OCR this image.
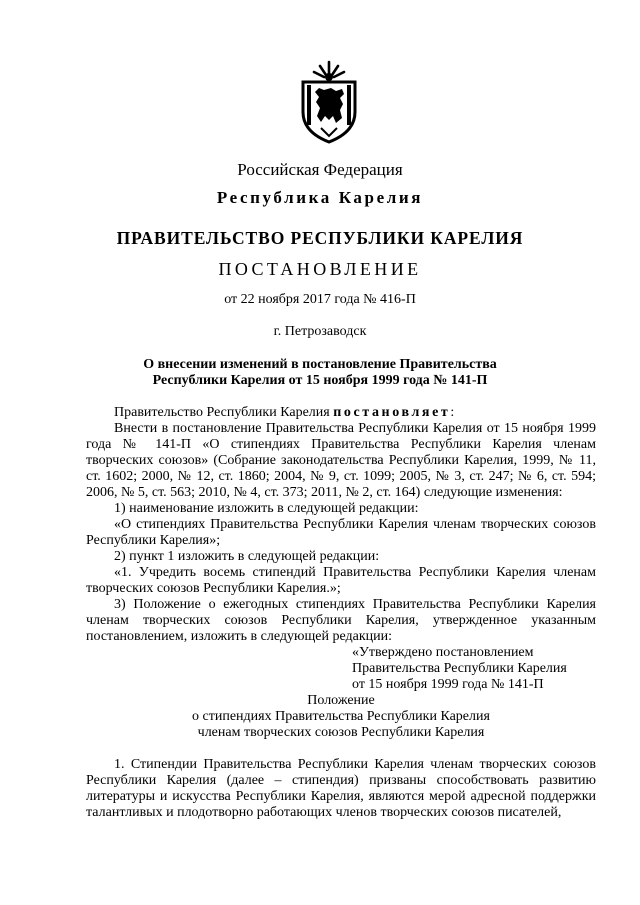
Российская Федерация
Республика Карелия
ПРАВИТЕЛЬСТВО РЕСПУБЛИКИ КАРЕЛИЯ
ПОСТАНОВЛЕНИЕ
от 22 ноября 2017 года № 416-П
г. Петрозаводск
О внесении изменений в постановление Правительства
Республики Карелия от 15 ноября 1999 года № 141-П

Правительство Республики Карелия постановляет:

Внести в постановление Правительства Республики Карелия от 15 ноября 1999 года № 141-П «О стипендиях Правительства Республики Карелия членам творческих союзов» (Собрание законодательства Республики Карелия, 1999, № 11, ст. 1602; 2000, № 12, ст. 1860; 2004, № 9, ст. 1099; 2005, № 3, ст. 247; № 6, ст. 594; 2006, № 5, ст. 563; 2010, № 4, ст. 373; 2011, № 2, ст. 164) следующие изменения:

1) наименование изложить в следующей редакции:

«О стипендиях Правительства Республики Карелия членам творческих союзов Республики Карелия»;

2) пункт 1 изложить в следующей редакции:

«1. Учредить восемь стипендий Правительства Республики Карелия членам творческих союзов Республики Карелия.»;

3) Положение о ежегодных стипендиях Правительства Республики Карелия членам творческих союзов Республики Карелия, утвержденное указанным постановлением, изложить в следующей редакции:

«Утверждено постановлением

Правительства Республики Карелия

от 15 ноября 1999 года № 141-П

Положение

о стипендиях Правительства Республики Карелия

членам творческих союзов Республики Карелия

1. Стипендии Правительства Республики Карелия членам творческих союзов Республики Карелия (далее – стипендия) призваны способствовать развитию литературы и искусства Республики Карелия, являются мерой адресной поддержки талантливых и плодотворно работающих членов творческих союзов писателей,
